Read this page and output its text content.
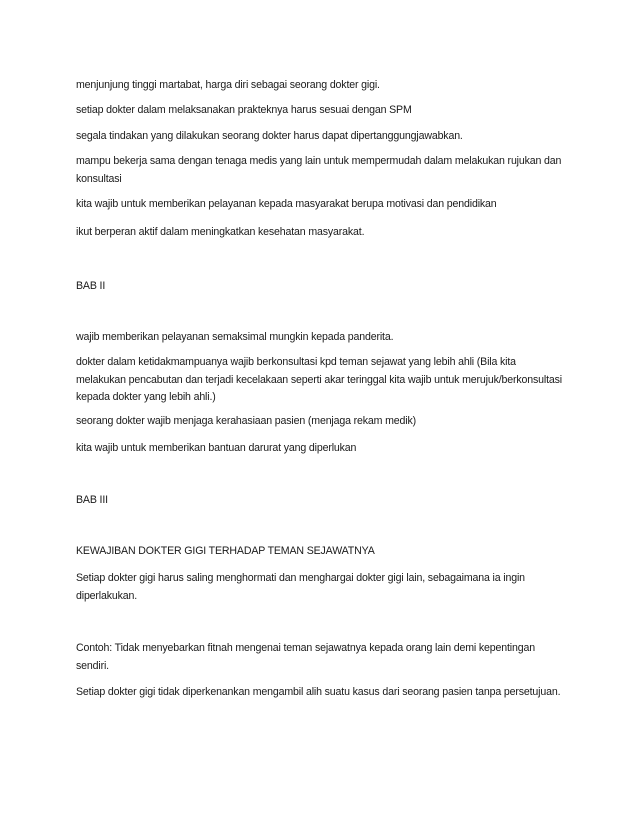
menjunjung tinggi martabat, harga diri sebagai seorang dokter gigi.

setiap dokter dalam melaksanakan prakteknya harus sesuai dengan SPM

segala tindakan yang dilakukan seorang dokter harus dapat dipertanggungjawabkan.

mampu bekerja sama dengan tenaga medis yang lain untuk mempermudah dalam melakukan rujukan dan konsultasi

kita wajib untuk memberikan pelayanan kepada masyarakat berupa motivasi dan pendidikan

ikut berperan aktif dalam meningkatkan kesehatan masyarakat.

BAB II

wajib memberikan pelayanan semaksimal mungkin kepada panderita.

dokter dalam ketidakmampuanya wajib berkonsultasi kpd teman sejawat yang lebih ahli (Bila kita melakukan pencabutan dan terjadi kecelakaan seperti akar teringgal kita wajib untuk merujuk/berkonsultasi kepada dokter yang lebih ahli.)

seorang dokter wajib menjaga kerahasiaan pasien (menjaga rekam medik)

kita wajib untuk memberikan bantuan darurat yang diperlukan

BAB III

KEWAJIBAN DOKTER GIGI TERHADAP TEMAN SEJAWATNYA

Setiap dokter gigi harus saling menghormati dan menghargai dokter gigi lain, sebagaimana ia ingin diperlakukan.

Contoh: Tidak menyebarkan fitnah mengenai teman sejawatnya kepada orang lain demi kepentingan sendiri.

Setiap dokter gigi tidak diperkenankan mengambil alih suatu kasus dari seorang pasien tanpa persetujuan.
